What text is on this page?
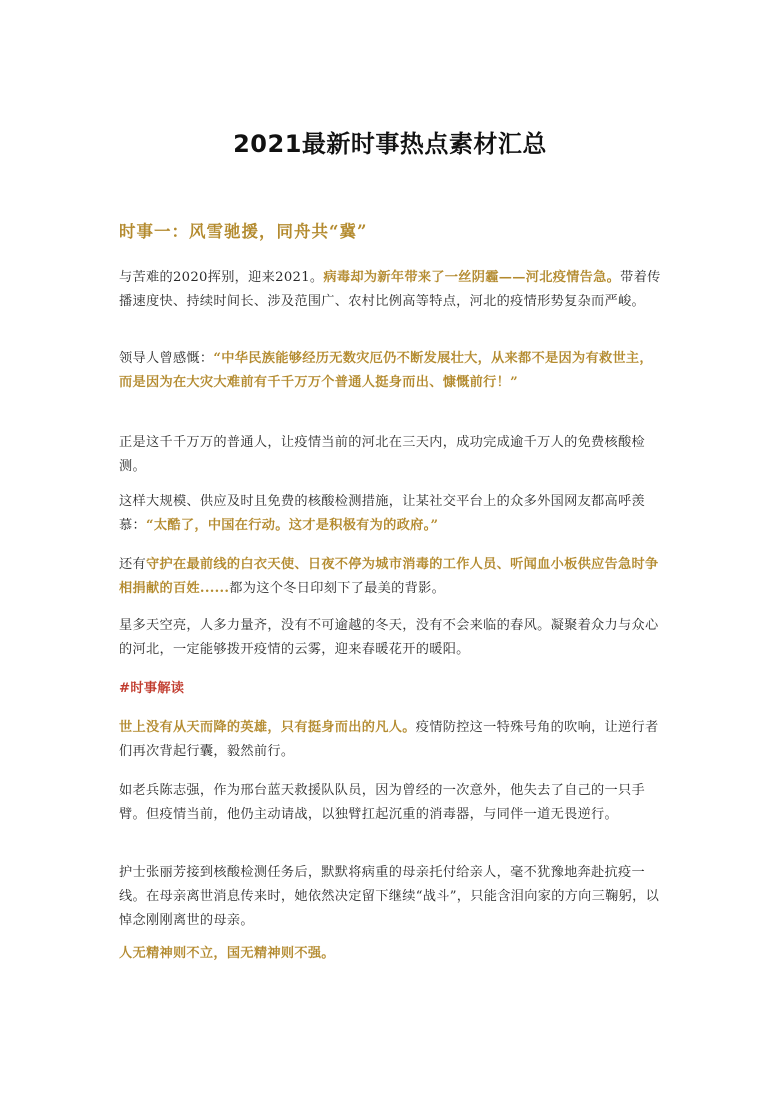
2021最新时事热点素材汇总
时事一：风雪驰援，同舟共“冀”

与苦难的2020挥别，迎来2021。病毒却为新年带来了一丝阴霾——河北疫情告急。带着传播速度快、持续时间长、涉及范围广、农村比例高等特点，河北的疫情形势复杂而严峻。

领导人曾感慨：“中华民族能够经历无数灾厄仍不断发展壮大，从来都不是因为有救世主，而是因为在大灾大难前有千千万万个普通人挺身而出、慷慨前行！”

正是这千千万万的普通人，让疫情当前的河北在三天内，成功完成逾千万人的免费核酸检测。

这样大规模、供应及时且免费的核酸检测措施，让某社交平台上的众多外国网友都高呼羡慕：“太酷了，中国在行动。这才是积极有为的政府。”

还有守护在最前线的白衣天使、日夜不停为城市消毒的工作人员、听闻血小板供应告急时争相捐献的百姓......都为这个冬日印刻下了最美的背影。

星多天空亮，人多力量齐，没有不可逾越的冬天，没有不会来临的春风。凝聚着众力与众心的河北，一定能够拨开疫情的云雾，迎来春暖花开的暖阳。

#时事解读

世上没有从天而降的英雄，只有挺身而出的凡人。疫情防控这一特殊号角的吹响，让逆行者们再次背起行囊，毅然前行。

如老兵陈志强，作为邢台蓝天救援队队员，因为曾经的一次意外，他失去了自己的一只手臂。但疫情当前，他仍主动请战，以独臂扛起沉重的消毒器，与同伴一道无畏逆行。

护士张丽芳接到核酸检测任务后，默默将病重的母亲托付给亲人，毫不犹豫地奔赴抗疫一线。在母亲离世消息传来时，她依然决定留下继续“战斗”，只能含泪向家的方向三鞠躬，以悼念刚刚离世的母亲。

人无精神则不立，国无精神则不强。
